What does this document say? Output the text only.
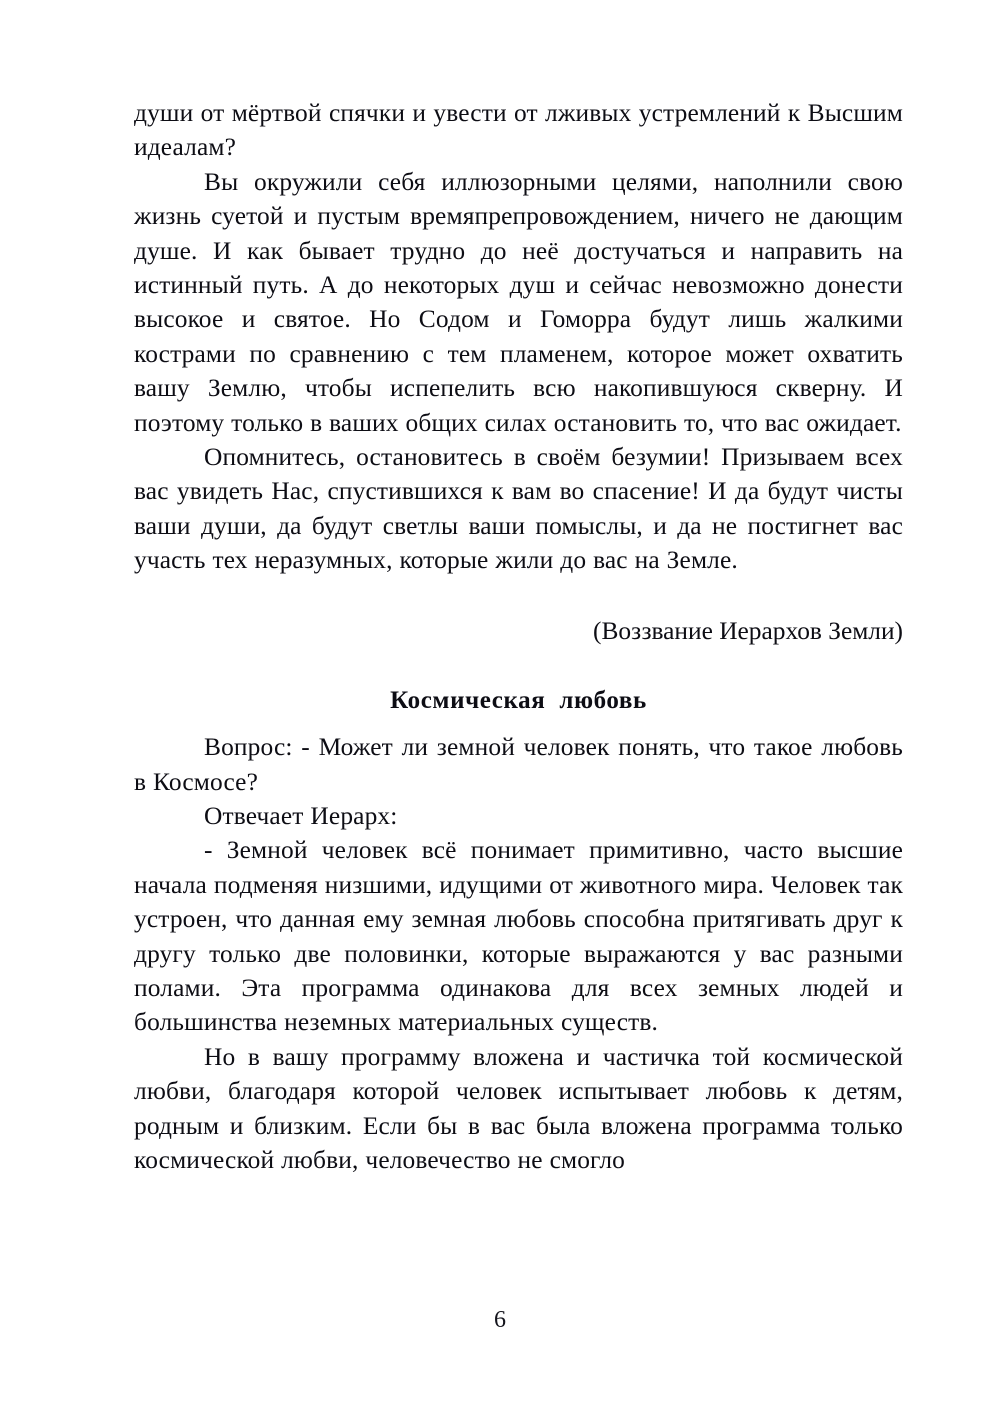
души от мёртвой спячки и увести от лживых устремлений к Высшим идеалам?

Вы окружили себя иллюзорными целями, наполнили свою жизнь суетой и пустым времяпрепровождением, ничего не дающим душе. И как бывает трудно до неё достучаться и направить на истинный путь. А до некоторых душ и сейчас невозможно донести высокое и святое. Но Содом и Гоморра будут лишь жалкими кострами по сравнению с тем пламенем, которое может охватить вашу Землю, чтобы испепелить всю накопившуюся скверну. И поэтому только в ваших общих силах остановить то, что вас ожидает.

Опомнитесь, остановитесь в своём безумии! Призываем всех вас увидеть Нас, спустившихся к вам во спасение! И да будут чисты ваши души, да будут светлы ваши помыслы, и да не постигнет вас участь тех неразумных, которые жили до вас на Земле.

(Воззвание Иерархов Земли)

Космическая любовь

Вопрос: - Может ли земной человек понять, что такое любовь в Космосе?

Отвечает Иерарх:

- Земной человек всё понимает примитивно, часто высшие начала подменяя низшими, идущими от животного мира. Человек так устроен, что данная ему земная любовь способна притягивать друг к другу только две половинки, которые выражаются у вас разными полами. Эта программа одинакова для всех земных людей и большинства неземных материальных существ.

Но в вашу программу вложена и частичка той космической любви, благодаря которой человек испытывает любовь к детям, родным и близким. Если бы в вас была вложена программа только космической любви, человечество не смогло

6
